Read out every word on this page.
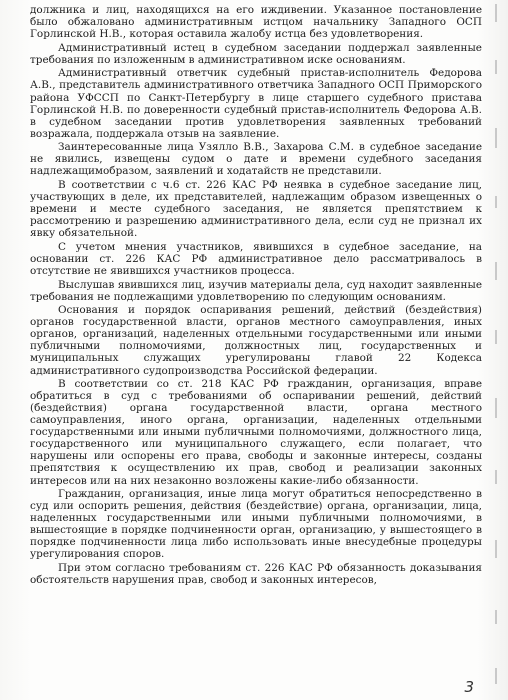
должника и лиц, находящихся на его иждивении. Указанное постановление было обжаловано административным истцом начальнику Западного ОСП Горлинской Н.В., которая оставила жалобу истца без удовлетворения.

Административный истец в судебном заседании поддержал заявленные требования по изложенным в административном иске основаниям.

Административный ответчик судебный пристав-исполнитель Федорова А.В., представитель административного ответчика Западного ОСП Приморского района УФССП по Санкт-Петербургу в лице старшего судебного пристава Горлинской Н.В. по доверенности судебный пристав-исполнитель Федорова А.В. в судебном заседании против удовлетворения заявленных требований возражала, поддержала отзыв на заявление.

Заинтересованные лица Узялло В.В., Захарова С.М. в судебное заседание не явились, извещены судом о дате и времени судебного заседания надлежащимобразом, заявлений и ходатайств не представили.

В соответствии с ч.6 ст. 226 КАС РФ неявка в судебное заседание лиц, участвующих в деле, их представителей, надлежащим образом извещенных о времени и месте судебного заседания, не является препятствием к рассмотрению и разрешению административного дела, если суд не признал их явку обязательной.

С учетом мнения участников, явившихся в судебное заседание, на основании ст. 226 КАС РФ административное дело рассматривалось в отсутствие не явившихся участников процесса.

Выслушав явившихся лиц, изучив материалы дела, суд находит заявленные требования не подлежащими удовлетворению по следующим основаниям.

Основания и порядок оспаривания решений, действий (бездействия) органов государственной власти, органов местного самоуправления, иных органов, организаций, наделенных отдельными государственными или иными публичными полномочиями, должностных лиц, государственных и муниципальных служащих урегулированы главой 22 Кодекса административного судопроизводства Российской федерации.

В соответствии со ст. 218 КАС РФ гражданин, организация, вправе обратиться в суд с требованиями об оспаривании решений, действий (бездействия) органа государственной власти, органа местного самоуправления, иного органа, организации, наделенных отдельными государственными или иными публичными полномочиями, должностного лица, государственного или муниципального служащего, если полагает, что нарушены или оспорены его права, свободы и законные интересы, созданы препятствия к осуществлению их прав, свобод и реализации законных интересов или на них незаконно возложены какие-либо обязанности.

Гражданин, организация, иные лица могут обратиться непосредственно в суд или оспорить решения, действия (бездействие) органа, организации, лица, наделенных государственными или иными публичными полномочиями, в вышестоящие в порядке подчиненности орган, организацию, у вышестоящего в порядке подчиненности лица либо использовать иные внесудебные процедуры урегулирования споров.

При этом согласно требованиям ст. 226 КАС РФ обязанность доказывания обстоятельств нарушения прав, свобод и законных интересов,

3
